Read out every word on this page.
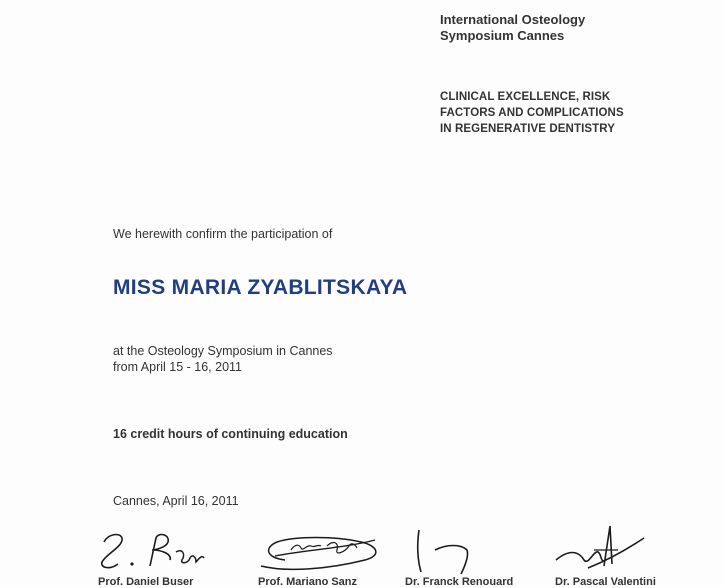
International Osteology
Symposium Cannes
CLINICAL EXCELLENCE, RISK
FACTORS AND COMPLICATIONS
IN REGENERATIVE DENTISTRY
We herewith confirm the participation of
MISS MARIA ZYABLITSKAYA
at the Osteology Symposium in Cannes
from April 15 - 16, 2011
16 credit hours of continuing education
Cannes, April 16, 2011
Prof. Daniel Buser	Prof. Mariano Sanz	Dr. Franck Renouard	Dr. Pascal Valentini
